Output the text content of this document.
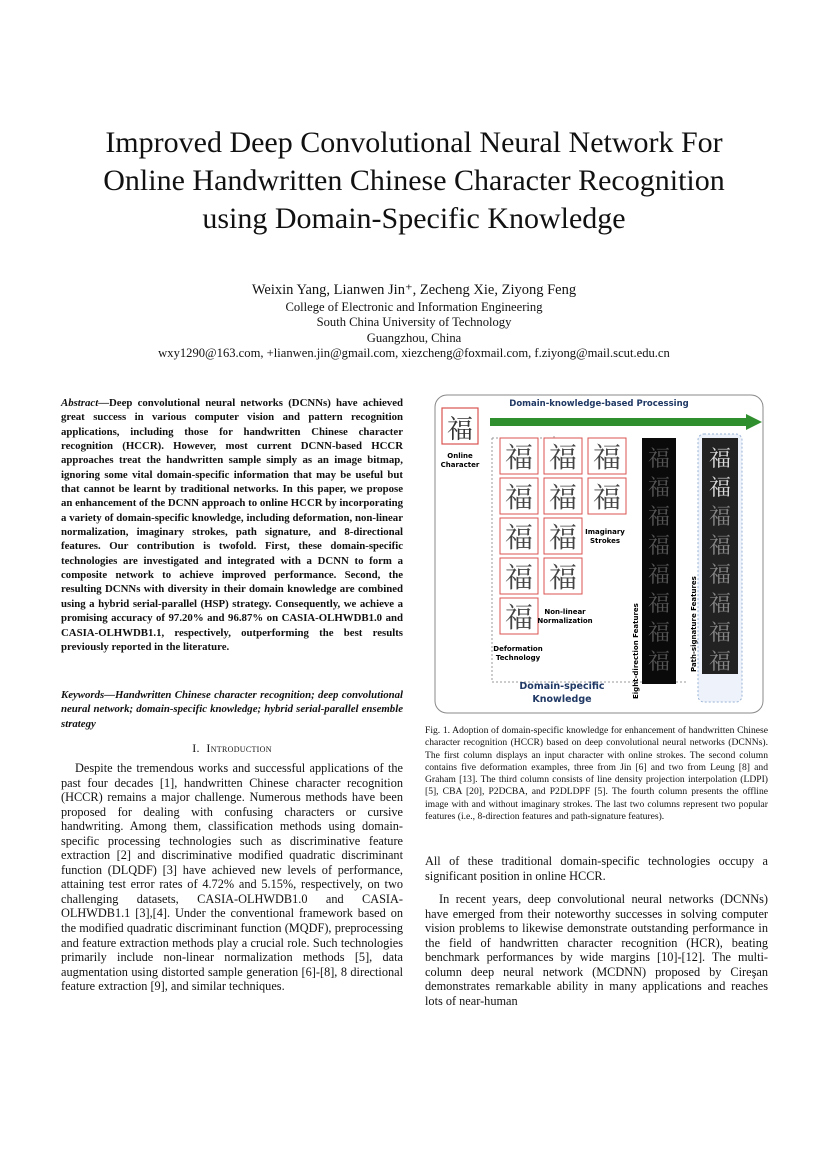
Improved Deep Convolutional Neural Network For
Online Handwritten Chinese Character Recognition
using Domain-Specific Knowledge
Weixin Yang, Lianwen Jin⁺, Zecheng Xie, Ziyong Feng
College of Electronic and Information Engineering
South China University of Technology
Guangzhou, China
wxy1290@163.com, +lianwen.jin@gmail.com, xiezcheng@foxmail.com, f.ziyong@mail.scut.edu.cn
Abstract—Deep convolutional neural networks (DCNNs) have achieved great success in various computer vision and pattern recognition applications, including those for handwritten Chinese character recognition (HCCR). However, most current DCNN-based HCCR approaches treat the handwritten sample simply as an image bitmap, ignoring some vital domain-specific information that may be useful but that cannot be learnt by traditional networks. In this paper, we propose an enhancement of the DCNN approach to online HCCR by incorporating a variety of domain-specific knowledge, including deformation, non-linear normalization, imaginary strokes, path signature, and 8-directional features. Our contribution is twofold. First, these domain-specific technologies are investigated and integrated with a DCNN to form a composite network to achieve improved performance. Second, the resulting DCNNs with diversity in their domain knowledge are combined using a hybrid serial-parallel (HSP) strategy. Consequently, we achieve a promising accuracy of 97.20% and 96.87% on CASIA-OLHWDB1.0 and CASIA-OLHWDB1.1, respectively, outperforming the best results previously reported in the literature.
Keywords—Handwritten Chinese character recognition; deep convolutional neural network; domain-specific knowledge; hybrid serial-parallel ensemble strategy
I. Introduction

Despite the tremendous works and successful applications of the past four decades [1], handwritten Chinese character recognition (HCCR) remains a major challenge. Numerous methods have been proposed for dealing with confusing characters or cursive handwriting. Among them, classification methods using domain-specific processing technologies such as discriminative feature extraction [2] and discriminative modified quadratic discriminant function (DLQDF) [3] have achieved new levels of performance, attaining test error rates of 4.72% and 5.15%, respectively, on two challenging datasets, CASIA-OLHWDB1.0 and CASIA-OLHWDB1.1 [3],[4]. Under the conventional framework based on the modified quadratic discriminant function (MQDF), preprocessing and feature extraction methods play a crucial role. Such technologies primarily include non-linear normalization methods [5], data augmentation using distorted sample generation [6]-[8], 8 directional feature extraction [9], and similar techniques.

Domain-knowledge-based Processing
福
Online
Character 福
福
福
福
福
福
福
福
福
福
福
福 福
福 福
福 福
福 福
福 福
福 福
福 福
福 福
Imaginary
Strokes
Non-linear
Normalization
Deformation
Technology	Eight-direction Features	Path-signature Features
Domain-specific
Knowledge
Fig. 1. Adoption of domain-specific knowledge for enhancement of handwritten Chinese character recognition (HCCR) based on deep convolutional neural networks (DCNNs). The first column displays an input character with online strokes. The second column contains five deformation examples, three from Jin [6] and two from Leung [8] and Graham [13]. The third column consists of line density projection interpolation (LDPI) [5], CBA [20], P2DCBA, and P2DLDPF [5]. The fourth column presents the offline image with and without imaginary strokes. The last two columns represent two popular features (i.e., 8-direction features and path-signature features).

All of these traditional domain-specific technologies occupy a significant position in online HCCR.

In recent years, deep convolutional neural networks (DCNNs) have emerged from their noteworthy successes in solving computer vision problems to likewise demonstrate outstanding performance in the field of handwritten character recognition (HCR), beating benchmark performances by wide margins [10]-[12]. The multi-column deep neural network (MCDNN) proposed by Cireşan demonstrates remarkable ability in many applications and reaches lots of near-human
